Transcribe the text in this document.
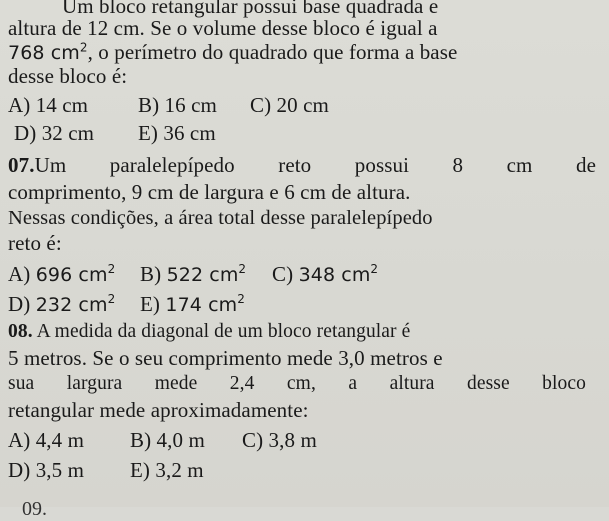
Um bloco retangular possui base quadrada e
altura de 12 cm. Se o volume desse bloco é igual a
768 $cm^2$, o perímetro do quadrado que forma a base
desse bloco é:
A) 14 cm B) 16 cm C) 20 cm
D) 32 cm E) 36 cm
07.Um paralelepípedo reto possui 8 cm de
comprimento, 9 cm de largura e 6 cm de altura.
Nessas condições, a área total desse paralelepípedo
reto é:
A) 696 $cm^2$ B) 522 $cm^2$ C) 348 $cm^2$
D) 232 $cm^2$ E) 174 $cm^2$
08. A medida da diagonal de um bloco retangular é
5 metros. Se o seu comprimento mede 3,0 metros e
sua largura mede 2,4 cm, a altura desse bloco
retangular mede aproximadamente:
A) 4,4 m B) 4,0 m C) 3,8 m
D) 3,5 m E) 3,2 m
09.
